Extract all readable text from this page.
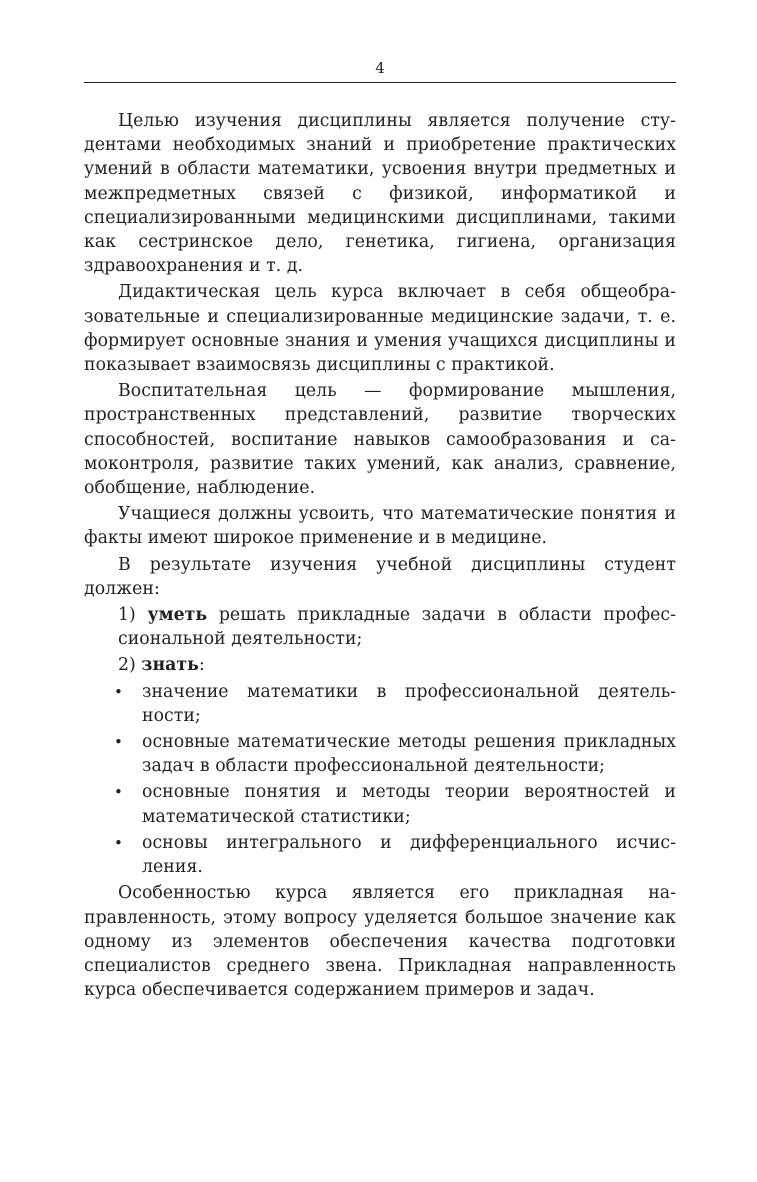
4

Целью изучения дисциплины является получение студентами необходимых знаний и приобретение практических умений в области математики, усвоения внутри предметных и межпредметных связей с физикой, информатикой и специализированными медицинскими дисциплинами, такими как сестринское дело, генетика, гигиена, организация здравоохранения и т. д.

Дидактическая цель курса включает в себя общеобразовательные и специализированные медицинские задачи, т. е. формирует основные знания и умения учащихся дисциплины и показывает взаимосвязь дисциплины с практикой.

Воспитательная цель — формирование мышления, пространственных представлений, развитие творческих способностей, воспитание навыков самообразования и самоконтроля, развитие таких умений, как анализ, сравнение, обобщение, наблюдение.

Учащиеся должны усвоить, что математические понятия и факты имеют широкое применение и в медицине.

В результате изучения учебной дисциплины студент должен:

1) уметь решать прикладные задачи в области профессиональной деятельности;

2) знать:

• значение математики в профессиональной деятельности;
• основные математические методы решения прикладных задач в области профессиональной деятельности;
• основные понятия и методы теории вероятностей и математической статистики;
• основы интегрального и дифференциального исчисления.

Особенностью курса является его прикладная направленность, этому вопросу уделяется большое значение как одному из элементов обеспечения качества подготовки специалистов среднего звена. Прикладная направленность курса обеспечивается содержанием примеров и задач.
